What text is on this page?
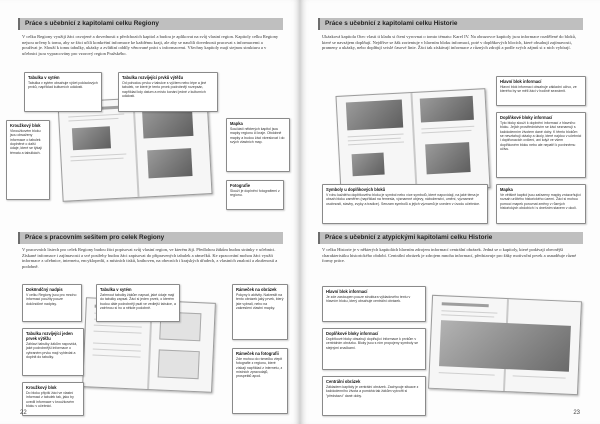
Práce s učebnicí z kapitolami celku Regiony
V celku Regiony využijí žáci osvojené a dovednosti z předchozích kapitol a budou je aplikovat na svůj vlastní region. Kapitoly celku Regiony nejsou určeny k tomu, aby se žáci učili konkrétní informace ke každému kraji, ale aby se naučili dovednosti pracovat s informacemi a používat je. Slouží k tomu tabulky, ukázky a zvláštní oddíly věnované práci s informacemi. Všechny kapitoly mají stejnou strukturu a v učebnici jsou vypracovány pro vzorový region Pražského.
Tabulka v sytém
Tabulka v sytém obsahuje výčet pokladových prvků, například kulturních událostí.
Tabulka rozvíjející prvků výtěžu
Od pohodou prvku v tabulce s výčtem nebo lépe a jiné tabulek, ve které je tento prvek podrobněji rozepsán, například kdy datum a místo konání jedné z kulturních událostí.
Kroužkový blok
Vkroužkovém bloku jsou obsaženy informace o tabulek doplněné o další údaje, které se týkají tématu a tabulkách.
Mapka
Součástí některých kapitol jsou mapky regionu či kraje. Obdobně mapky a budou žáci vkreslovat i do svých vlastních map.
Fotografie
Slouží je doplnění fotografiemi z regionu.
Práce s pracovním sešitem pro celek Regiony
V pracovních listech pro celek Regiony budou žáci popisovat svůj vlastní region, ve kterém žijí. Předlohou žákům budou stránky v učebnici. Získané informace i zajímavosti a své postřehy budou žáci zapisovat do připravených tabulek a rámečků. Ke zpracování mohou žáci využít informace z učebnice, internetu, encyklopedií, z místních tisků, knihoven, na obecních i krajských úřadech, z vlastních znalostí a zkušeností a podobně.
Doköndčný nadpis
V celku Regiony jsou pro mnoho informací použity pouze doköndčné nadpisy.
Tabulka v sytém
Zahrnout tabulky žákům napsat, jaké údaje mají do tabulky zapsat. Žáci si jeden prvek, o kterém budou dále podrobněji psát ve vedlejší tabulce, a zatrhnou si ho a někde podobně.
Rámeček na obrázek
Pokyny k aktivity. Nakreslit na tento obrázek jaký prvek, který jste vybrali, nebo na zakreslení vlastní mapky.
Tabulka rozvíjející jeden prvek výtěžu
Záhlaví tabulky žákům napovídá, jaké podrobnější informace o vybraném prvku mají vyhledat a doplnit do tabulky.
Rámeček na fotografii
Zde mohou do rámečku vlepit fotografie z regionu, které získají například z internetu, z místních zpravodajů, prospektů apod.
Kroužkový blok
Do bloku připíší žáci ve vlastní informaci z tabulek tak, jako by uvedli informace v kroužkovém bloku v učebnici.
22
Práce s učebnicí z kapitolami celku Historie
Ukázková kapitola Otec vlasti ti kladu si čtení vyrovnat o tomto tématu: Karel IV. Na obrazovce kapitoly jsou informace rozdělené do bloků, které se navzájem doplňují. Nejdříve se žák zorientuje v hlavním bloku informací, poté v doplňkových blocích, které obsahují zajímavosti, prameny a ukázky, nebo doplňují svislé časové linie. Žáci tak získávají informace z různých zdrojů a podle svých zájmů si z nich vybírají.
Hlavní blok informací
Hlavní blok informací obsahuje základní učivo, ze kterého by se měli žáci v hodině seznámit.
Doplňkové bloky informací
Tyto bloky slouží k doplnění informací z hlavního bloku. Jejich prostřednictvím se žáci seznamují s každodenním životem dané doby. K těmto blokům se nevztahují otázky a úkoly, které najdou v učebnici i doplňovacích cvičení, ani když ve všem doplňkovém bloku nebo ale nepatří k povinnému učivu.
Symboly u doplňkových bloků
V rohu každého doplňkového bloku je symbol nebo více symbolů, které napovídají, na jaké téma je obsah bloku zaměřen (například na řemesla, významné objevy, náboženství, umění, významné osobnosti, stavby, zvyky a tradice). Senzam symbolů a jejich významů je uveden v úvodu učebnice.
Mapka
Ve většině kapitol jsou zařazeny mapky znázorňující rozsah určitého historického území. Žáci si mohou pomocí mapek porovnat změny v různých historických obdobích i s dnešním stavem v okolí.
Práce s učebnicí z atypickými kapitolami celku Historie
V celku Historie je v některých kapitolách hlavním zdrojem informací centrální obrázek. Jedná se o kapitoly, které podávají obecnější charakteristiku historického období. Centrální obrázek je zdrojem mnoha informací, představuje pro žáky motivační prvek a usnadňuje různé formy práce.
Hlavní blok informací
Je zde zastoupen pouze struktura výkladového textu v hlavním bloku, který obsahuje centrální obrázek.
Doplňkové bloky informací
Doplňkové bloky obsahují doplňující informace k prvkům v centrálním obrázku. Bloky jsou s ním propojeny symboly se stejnými značkami.
Centrální obrázek
Základem kapitoly je centrální obrázek. Zachycuje situace z každodenního života a pomáhá tak žákům vytvořit si "představu" dané doby.
23
